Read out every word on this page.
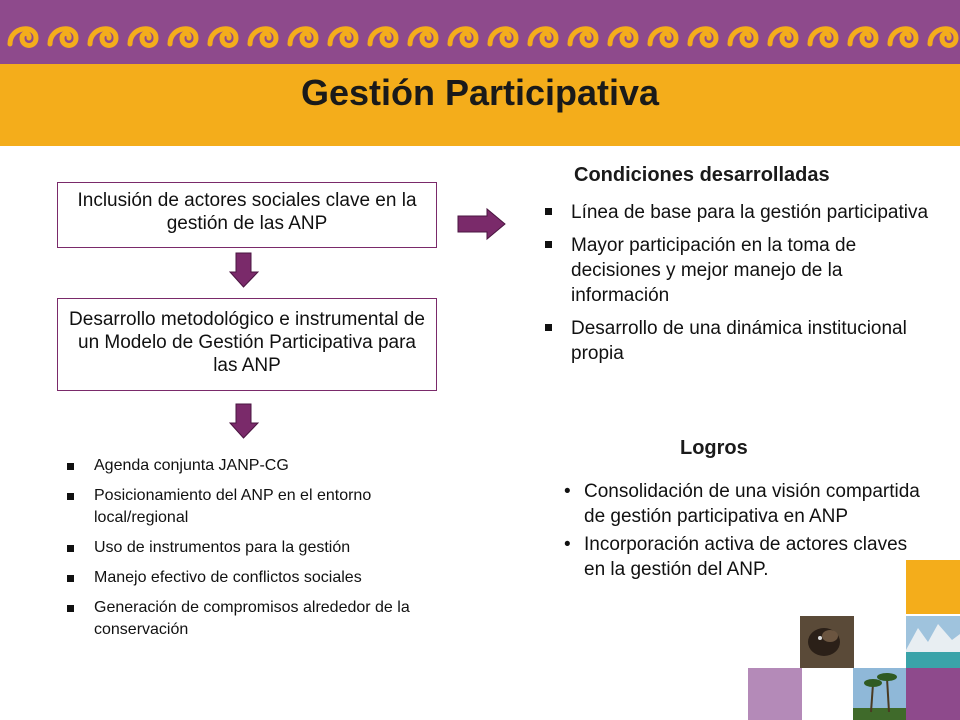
Gestión Participativa
Inclusión de actores sociales clave en la gestión de las ANP
Desarrollo metodológico e instrumental de un Modelo de Gestión Participativa para las ANP
Condiciones desarrolladas
Línea de base para la gestión participativa
Mayor participación en la toma de decisiones y mejor manejo de la información
Desarrollo de una dinámica institucional propia
Agenda conjunta JANP-CG
Posicionamiento del ANP en el entorno local/regional
Uso de instrumentos para la gestión
Manejo efectivo de conflictos sociales
Generación de compromisos alrededor de la conservación
Logros
• Consolidación de una visión compartida de gestión participativa en ANP
• Incorporación activa de actores claves en la gestión del ANP.
